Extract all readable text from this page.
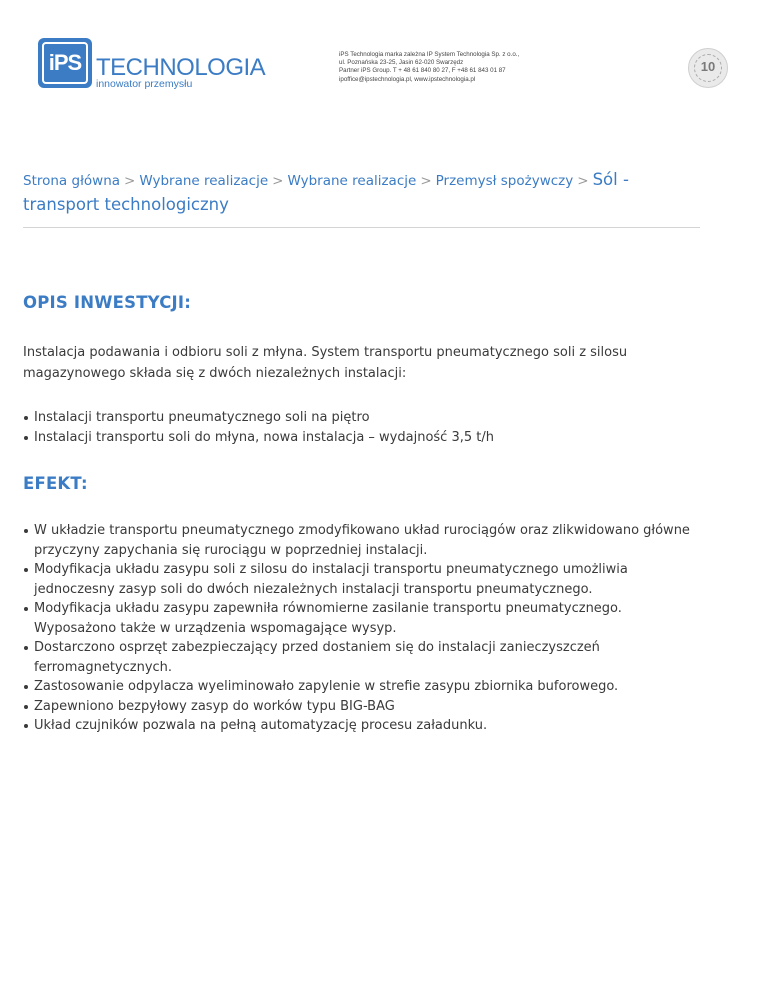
iPS TECHNOLOGIA
innowator przemysłu
iPS Technologia marka zależna IP System Technologia Sp. z o.o.,
ul. Poznańska 23-25, Jasin 62-020 Swarzędz
Partner iPS Group. T + 48 61 840 80 27, F +48 61 843 01 87
ipoffice@ipstechnologia.pl, www.ipstechnologia.pl
10
Strona główna > Wybrane realizacje > Wybrane realizacje > Przemysł spożywczy > Sól - transport technologiczny
OPIS INWESTYCJI:

Instalacja podawania i odbioru soli z młyna. System transportu pneumatycznego soli z silosu magazynowego składa się z dwóch niezależnych instalacji:

Instalacji transportu pneumatycznego soli na piętro
Instalacji transportu soli do młyna, nowa instalacja – wydajność 3,5 t/h
EFEKT:
W układzie transportu pneumatycznego zmodyfikowano układ rurociągów oraz zlikwidowano główne przyczyny zapychania się rurociągu w poprzedniej instalacji.
Modyfikacja układu zasypu soli z silosu do instalacji transportu pneumatycznego umożliwia jednoczesny zasyp soli do dwóch niezależnych instalacji transportu pneumatycznego.
Modyfikacja układu zasypu zapewniła równomierne zasilanie transportu pneumatycznego. Wyposażono także w urządzenia wspomagające wysyp.
Dostarczono osprzęt zabezpieczający przed dostaniem się do instalacji zanieczyszczeń ferromagnetycznych.
Zastosowanie odpylacza wyeliminowało zapylenie w strefie zasypu zbiornika buforowego.
Zapewniono bezpyłowy zasyp do worków typu BIG-BAG
Układ czujników pozwala na pełną automatyzację procesu załadunku.
